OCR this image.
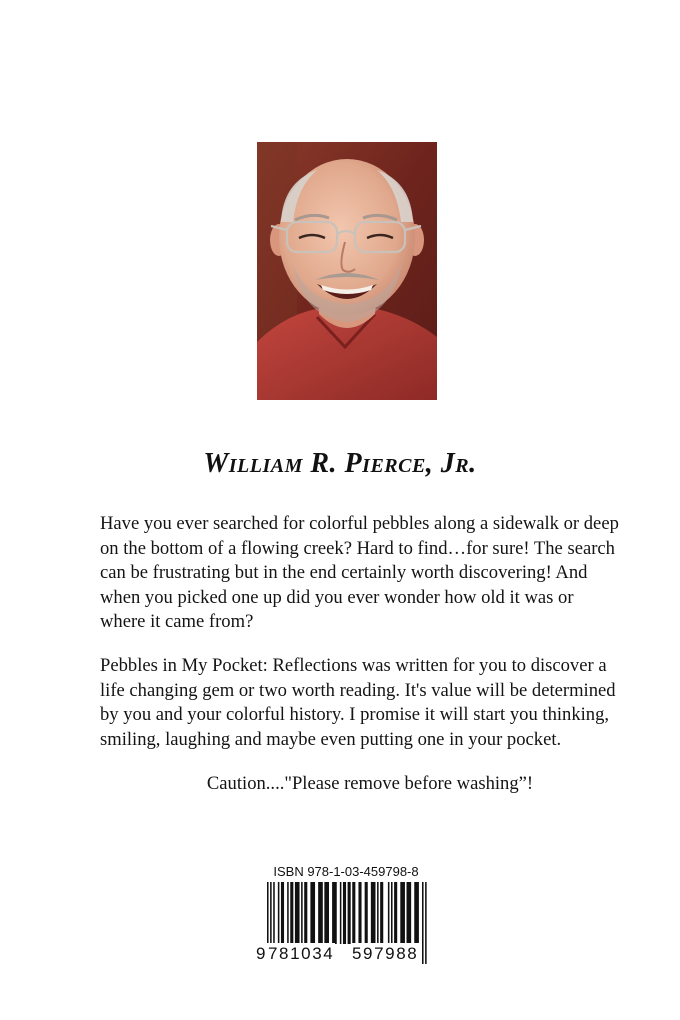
William R. Pierce, Jr.

Have you ever searched for colorful pebbles along a sidewalk or deep on the bottom of a flowing creek? Hard to find…for sure! The search can be frustrating but in the end certainly worth discovering! And when you picked one up did you ever wonder how old it was or where it came from?

Pebbles in My Pocket: Reflections was written for you to discover a life changing gem or two worth reading. It's value will be determined by you and your colorful history. I promise it will start you thinking, smiling, laughing and maybe even putting one in your pocket.

Caution...."Please remove before washing”!
ISBN 978-1-03-459798-8
9 781034 597988
